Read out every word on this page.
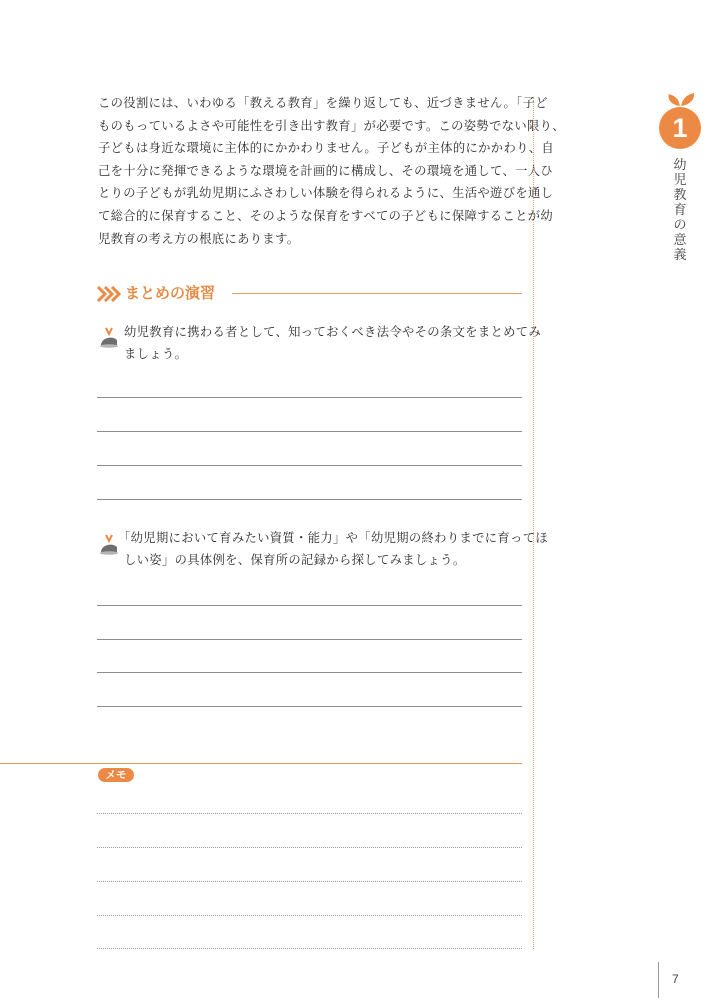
この役割には、いわゆる「教える教育」を繰り返しても、近づきません。「子ど

ものもっているよさや可能性を引き出す教育」が必要です。この姿勢でない限り、

子どもは身近な環境に主体的にかかわりません。子どもが主体的にかかわり、自

己を十分に発揮できるような環境を計画的に構成し、その環境を通して、一人ひ

とりの子どもが乳幼児期にふさわしい体験を得られるように、生活や遊びを通し

て総合的に保育すること、そのような保育をすべての子どもに保障することが幼

児教育の考え方の根底にあります。

1
幼
児
教
育
の
意
義
まとめの演習

幼児教育に携わる者として、知っておくべき法令やその条文をまとめてみ

ましょう。

「幼児期において育みたい資質・能力」や「幼児期の終わりまでに育ってほ

しい姿」の具体例を、保育所の記録から探してみましょう。

メモ
7
